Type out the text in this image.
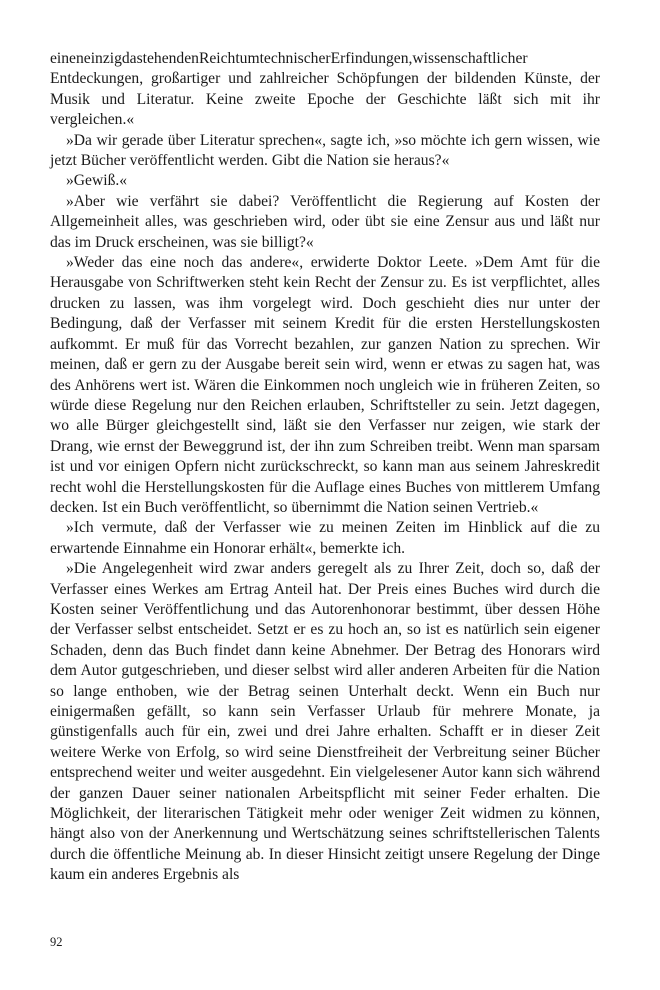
eineneinzigdastehendenReichtumtechnischerErfindungen,wissenschaftlicher Entdeckungen, großartiger und zahlreicher Schöpfungen der bildenden Künste, der Musik und Literatur. Keine zweite Epoche der Geschichte läßt sich mit ihr vergleichen.«

»Da wir gerade über Literatur sprechen«, sagte ich, »so möchte ich gern wissen, wie jetzt Bücher veröffentlicht werden. Gibt die Nation sie heraus?«

»Gewiß.«

»Aber wie verfährt sie dabei? Veröffentlicht die Regierung auf Kosten der Allgemeinheit alles, was geschrieben wird, oder übt sie eine Zensur aus und läßt nur das im Druck erscheinen, was sie billigt?«

»Weder das eine noch das andere«, erwiderte Doktor Leete. »Dem Amt für die Herausgabe von Schriftwerken steht kein Recht der Zensur zu. Es ist verpflichtet, alles drucken zu lassen, was ihm vorgelegt wird. Doch geschieht dies nur unter der Bedingung, daß der Verfasser mit seinem Kredit für die ersten Herstellungskosten aufkommt. Er muß für das Vorrecht bezahlen, zur ganzen Nation zu sprechen. Wir meinen, daß er gern zu der Ausgabe bereit sein wird, wenn er etwas zu sagen hat, was des Anhörens wert ist. Wären die Einkommen noch ungleich wie in früheren Zeiten, so würde diese Regelung nur den Reichen erlauben, Schriftsteller zu sein. Jetzt dagegen, wo alle Bürger gleichgestellt sind, läßt sie den Verfasser nur zeigen, wie stark der Drang, wie ernst der Beweggrund ist, der ihn zum Schreiben treibt. Wenn man sparsam ist und vor einigen Opfern nicht zurückschreckt, so kann man aus seinem Jahreskredit recht wohl die Herstellungskosten für die Auflage eines Buches von mittlerem Umfang decken. Ist ein Buch veröffentlicht, so übernimmt die Nation seinen Vertrieb.«

»Ich vermute, daß der Verfasser wie zu meinen Zeiten im Hinblick auf die zu erwartende Einnahme ein Honorar erhält«, bemerkte ich.

»Die Angelegenheit wird zwar anders geregelt als zu Ihrer Zeit, doch so, daß der Verfasser eines Werkes am Ertrag Anteil hat. Der Preis eines Buches wird durch die Kosten seiner Veröffentlichung und das Autorenhonorar bestimmt, über dessen Höhe der Verfasser selbst entscheidet. Setzt er es zu hoch an, so ist es natürlich sein eigener Schaden, denn das Buch findet dann keine Abnehmer. Der Betrag des Honorars wird dem Autor gutgeschrieben, und dieser selbst wird aller anderen Arbeiten für die Nation so lange enthoben, wie der Betrag seinen Unterhalt deckt. Wenn ein Buch nur einigermaßen gefällt, so kann sein Verfasser Urlaub für mehrere Monate, ja günstigenfalls auch für ein, zwei und drei Jahre erhalten. Schafft er in dieser Zeit weitere Werke von Erfolg, so wird seine Dienstfreiheit der Verbreitung seiner Bücher entsprechend weiter und weiter ausgedehnt. Ein vielgelesener Autor kann sich während der ganzen Dauer seiner nationalen Arbeitspflicht mit seiner Feder erhalten. Die Möglichkeit, der literarischen Tätigkeit mehr oder weniger Zeit widmen zu können, hängt also von der Anerkennung und Wertschätzung seines schriftstellerischen Talents durch die öffentliche Meinung ab. In dieser Hinsicht zeitigt unsere Regelung der Dinge kaum ein anderes Ergebnis als

92
